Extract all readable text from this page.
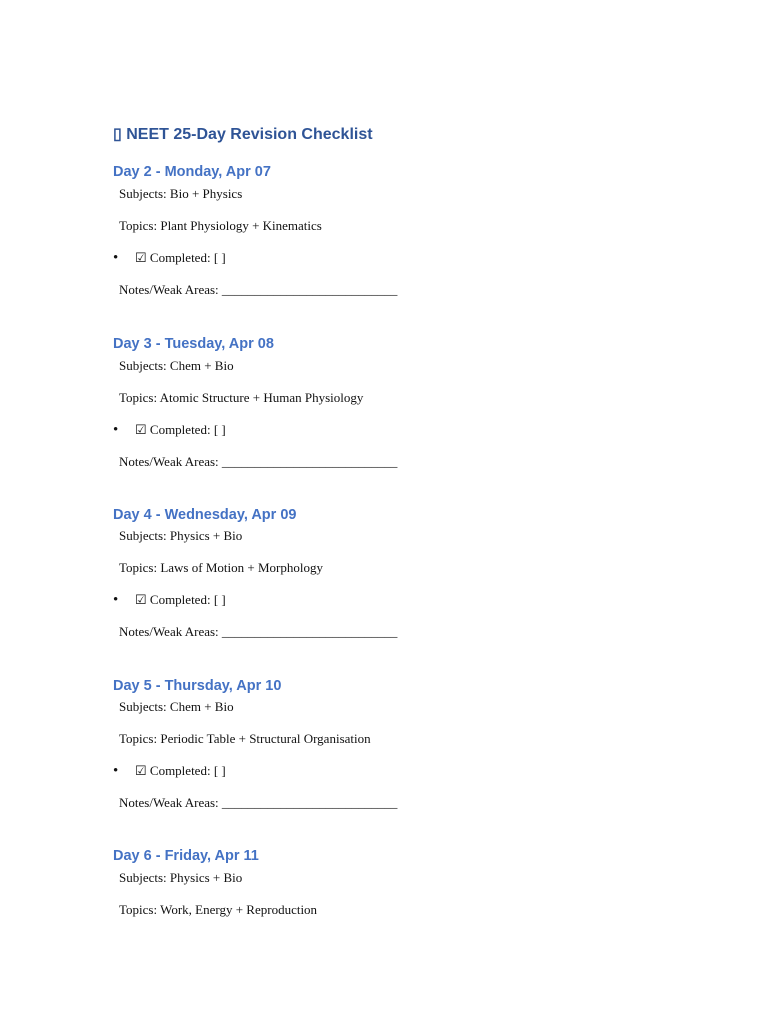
▯ NEET 25-Day Revision Checklist
Day 2 - Monday, Apr 07
Subjects: Bio + Physics
Topics: Plant Physiology + Kinematics
• ☑ Completed: [ ]
Notes/Weak Areas: ___________________________
Day 3 - Tuesday, Apr 08
Subjects: Chem + Bio
Topics: Atomic Structure + Human Physiology
• ☑ Completed: [ ]
Notes/Weak Areas: ___________________________
Day 4 - Wednesday, Apr 09
Subjects: Physics + Bio
Topics: Laws of Motion + Morphology
• ☑ Completed: [ ]
Notes/Weak Areas: ___________________________
Day 5 - Thursday, Apr 10
Subjects: Chem + Bio
Topics: Periodic Table + Structural Organisation
• ☑ Completed: [ ]
Notes/Weak Areas: ___________________________
Day 6 - Friday, Apr 11
Subjects: Physics + Bio
Topics: Work, Energy + Reproduction
